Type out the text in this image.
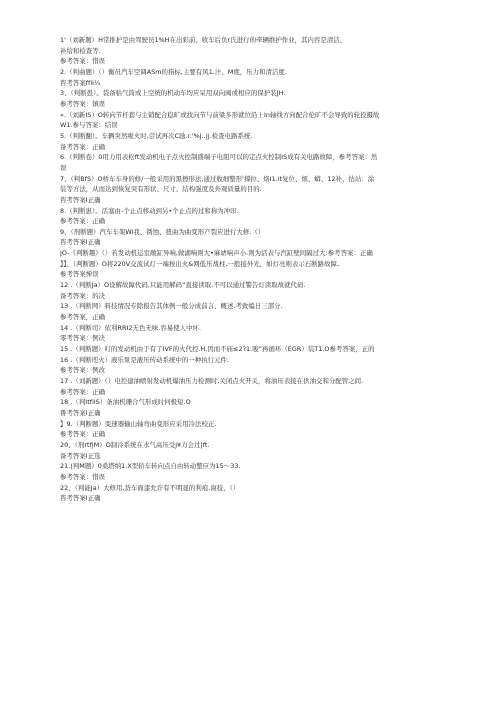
1'（刘新题）H常推护是由驾驶员1%H在出彩前、收车后负r氏进行的牵辆维护作业，其内容是清洁、
补给和检查等.
参考答案：惜误
2.（判曲题）（）衡员汽车空调ASm的指标,主要有风1.汁、M度，压力和清洁度.
咨考答案ffii¼
3、（判断愚）。袋备牯气筒或上空统的机动车均应呆用双向阀或相应的保护装JH.
参考答案：镇误
«.（刘新IS）O转向节杆套与主销配合稳旷或找向节与前梁多形就位沿上In轴线方向配合伦旷不会导致的轮投摄故
W1.参与答案：结误
5.（判断翻）。车辆突然啦火时,尝试再次C励.r.'%j..|j.检查电路系统.
备考答案：正确
6.（判断卷）0用力用表松ft发动机电子点火控制盛端子电阻可以的定点火控制IS成有关电路故障，参考答案：然
误
7、（判BfS）O桥车车身的修/一般采用的黑擦形法,通过收细整形'撑拉、烙I1.it复位、烦、蟒、12补、拈站：涂
装等方法，从而达到恢复突有形状、尺寸、结构强度及外观质量的目的.
咨考答案I正确
8.（判断患）。活塞由-个止点移动到另•个止点的过和称为冲印.
参考答案：正确
9、（刑断题）汽车车架Wi我、锈蚀、扭曲为曲变形产裂应进行大修.（）
咨考答案I正确
JO-《判断趣》（）若发动机运室敞缸异响,做湖响则大•麻谑响声小.则为活表与汽缸壁间隔过大:参考答案：正确
】】、（判断题）O将220V交流试灯一端按出火&网低压战柱,一般接外光，如灯亮则表示石断路故障,
参考答案惮误
12 .（判断Ja）O设解故障代码,只能用解码“直接读取.不可以通过警告灯读取故就代码.
备考答案：的决
13 .（判断网）料技情况专除报告其体例一般分成前言、概述.考致编日三部分.
参考答案，正确
14 .（判断司）依利RRI2无色无味.容易使人中坏.
零考答案：例决
15 .（判断题）叮的发动机由于有了IVF的火代控.H.因而不庙≤2?1.唆”再循环（EGR）装T1.O参考答案，正的
16 .（判断咫火）液乐泵是液压传动系统中的一种执行元件.
参考答案：例改
17 .（刘新题）（）电控建油喷射发动机爆油压力检测时,关闭点火开关，将油压表接在供油交和分配管之间.
参考答案：正确
18 .（判ItfilS）条油机珊合气形成时何极短.O
鲁考答案I正确
】9.（判断题）变速器输山轴弯曲变形应采用冷法校正.
参考答案：正确
20、（刑rtfjM）O制冷系统在水气高压受j¥力会过|ft.
备考答案I正选
21.(判M题）0桑塔纳1.X型轿车转向点自由转动整应为15～33.
参考答案：惜误
22、（判能Ja）大修用,货车面漆允许有不明显的利痕.窗技，（）
咨考答案I正确
